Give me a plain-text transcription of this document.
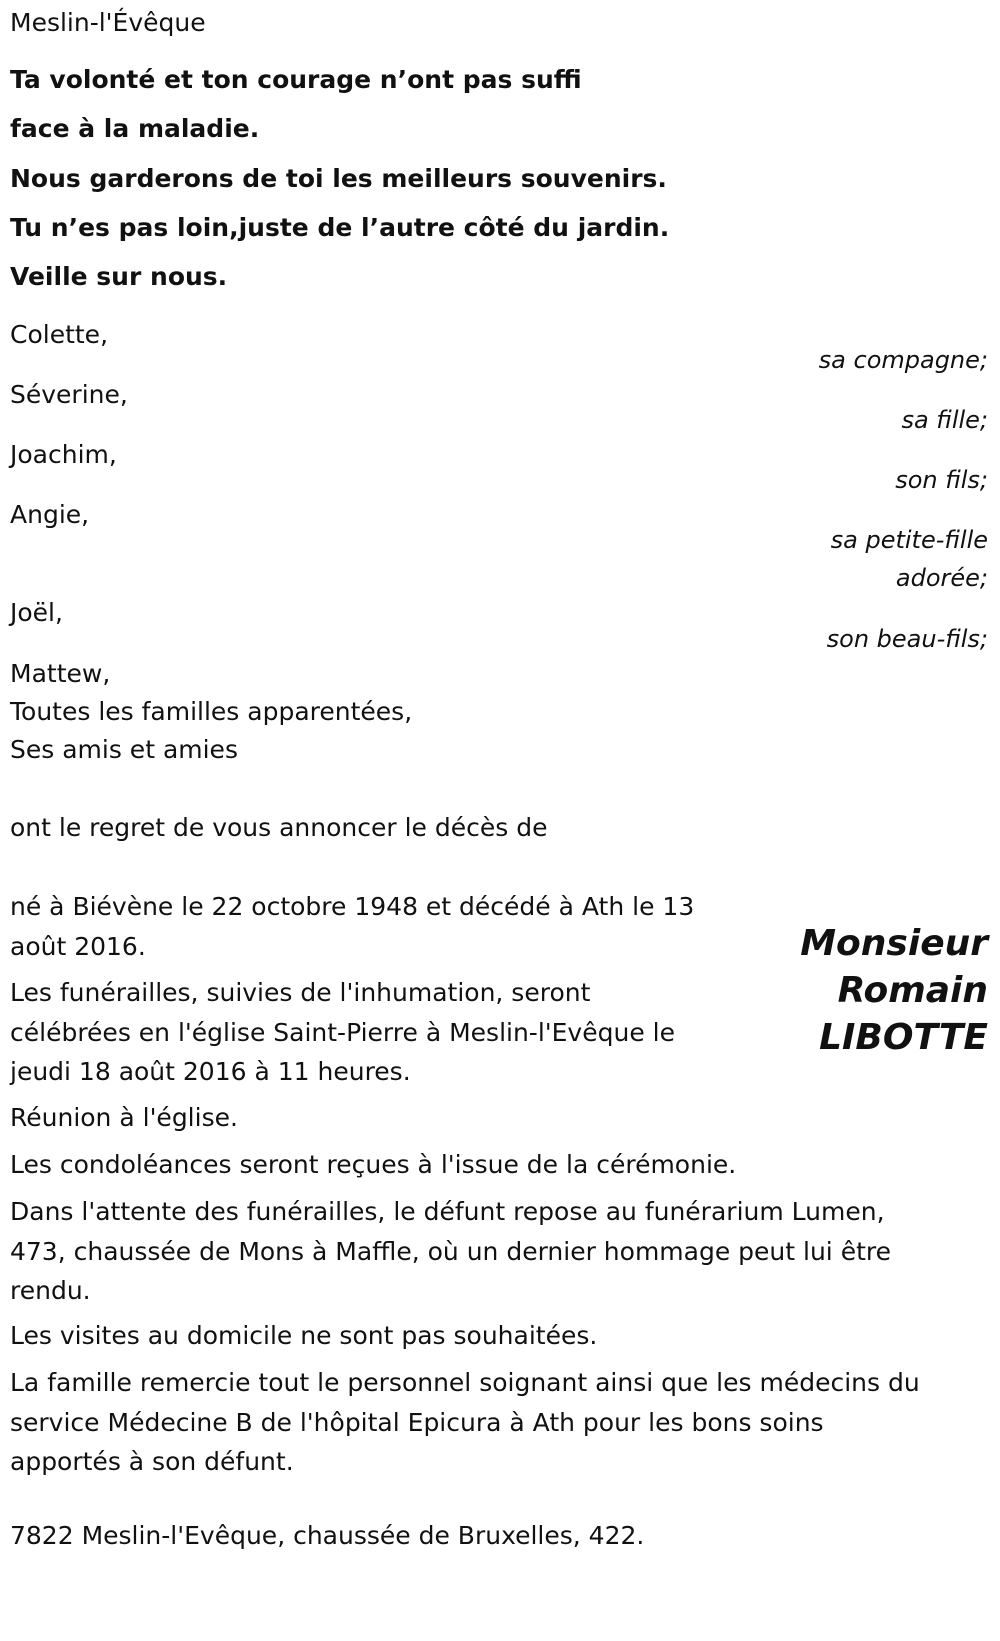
Meslin-l'Évêque
Ta volonté et ton courage n’ont pas suffi
face à la maladie.
Nous garderons de toi les meilleurs souvenirs.
Tu n’es pas loin,juste de l’autre côté du jardin.
Veille sur nous.
Colette,
Séverine,
Joachim,
Angie,
Joël,
Mattew,
Toutes les familles apparentées,
Ses amis et amies
sa compagne;
sa fille;
son fils;
sa petite-fille
adorée;
son beau-fils;
ont le regret de vous annoncer le décès de
Monsieur
Romain
LIBOTTE
né à Biévène le 22 octobre 1948 et décédé à Ath le 13
août 2016.
Les funérailles, suivies de l'inhumation, seront
célébrées en l'église Saint-Pierre à Meslin-l'Evêque le
jeudi 18 août 2016 à 11 heures.
Réunion à l'église.
Les condoléances seront reçues à l'issue de la cérémonie.
Dans l'attente des funérailles, le défunt repose au funérarium Lumen,
473, chaussée de Mons à Maffle, où un dernier hommage peut lui être
rendu.
Les visites au domicile ne sont pas souhaitées.
La famille remercie tout le personnel soignant ainsi que les médecins du
service Médecine B de l'hôpital Epicura à Ath pour les bons soins
apportés à son défunt.
7822 Meslin-l'Evêque, chaussée de Bruxelles, 422.
